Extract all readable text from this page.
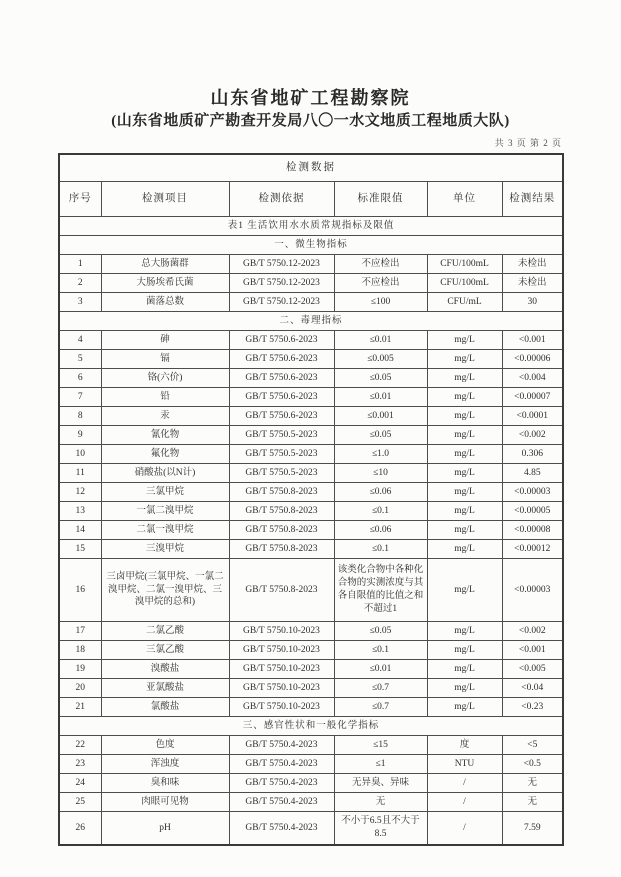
山东省地矿工程勘察院
(山东省地质矿产勘查开发局八〇一水文地质工程地质大队)
共 3 页 第 2 页
检测数据					
序号	检测项目	检测依据	标准限值	单位	检测结果
表1 生活饮用水水质常规指标及限值					
一、微生物指标					
1	总大肠菌群	GB/T 5750.12-2023	不应检出	CFU/100mL	未检出
2	大肠埃希氏菌	GB/T 5750.12-2023	不应检出	CFU/100mL	未检出
3	菌落总数	GB/T 5750.12-2023	≤100	CFU/mL	30
二、毒理指标					
4	砷	GB/T 5750.6-2023	≤0.01	mg/L	<0.001
5	镉	GB/T 5750.6-2023	≤0.005	mg/L	<0.00006
6	铬(六价)	GB/T 5750.6-2023	≤0.05	mg/L	<0.004
7	铅	GB/T 5750.6-2023	≤0.01	mg/L	<0.00007
8	汞	GB/T 5750.6-2023	≤0.001	mg/L	<0.0001
9	氰化物	GB/T 5750.5-2023	≤0.05	mg/L	<0.002
10	氟化物	GB/T 5750.5-2023	≤1.0	mg/L	0.306
11	硝酸盐(以N计)	GB/T 5750.5-2023	≤10	mg/L	4.85
12	三氯甲烷	GB/T 5750.8-2023	≤0.06	mg/L	<0.00003
13	一氯二溴甲烷	GB/T 5750.8-2023	≤0.1	mg/L	<0.00005
14	二氯一溴甲烷	GB/T 5750.8-2023	≤0.06	mg/L	<0.00008
15	三溴甲烷	GB/T 5750.8-2023	≤0.1	mg/L	<0.00012
16	三卤甲烷(三氯甲烷、一氯二溴甲烷、二氯一溴甲烷、三溴甲烷的总和)	GB/T 5750.8-2023	该类化合物中各种化合物的实测浓度与其各自限值的比值之和不超过1	mg/L	<0.00003
17	二氯乙酸	GB/T 5750.10-2023	≤0.05	mg/L	<0.002
18	三氯乙酸	GB/T 5750.10-2023	≤0.1	mg/L	<0.001
19	溴酸盐	GB/T 5750.10-2023	≤0.01	mg/L	<0.005
20	亚氯酸盐	GB/T 5750.10-2023	≤0.7	mg/L	<0.04
21	氯酸盐	GB/T 5750.10-2023	≤0.7	mg/L	<0.23
三、感官性状和一般化学指标					
22	色度	GB/T 5750.4-2023	≤15	度	<5
23	浑浊度	GB/T 5750.4-2023	≤1	NTU	<0.5
24	臭和味	GB/T 5750.4-2023	无异臭、异味	/	无
25	肉眼可见物	GB/T 5750.4-2023	无	/	无
26	pH	GB/T 5750.4-2023	不小于6.5且不大于8.5	/	7.59
